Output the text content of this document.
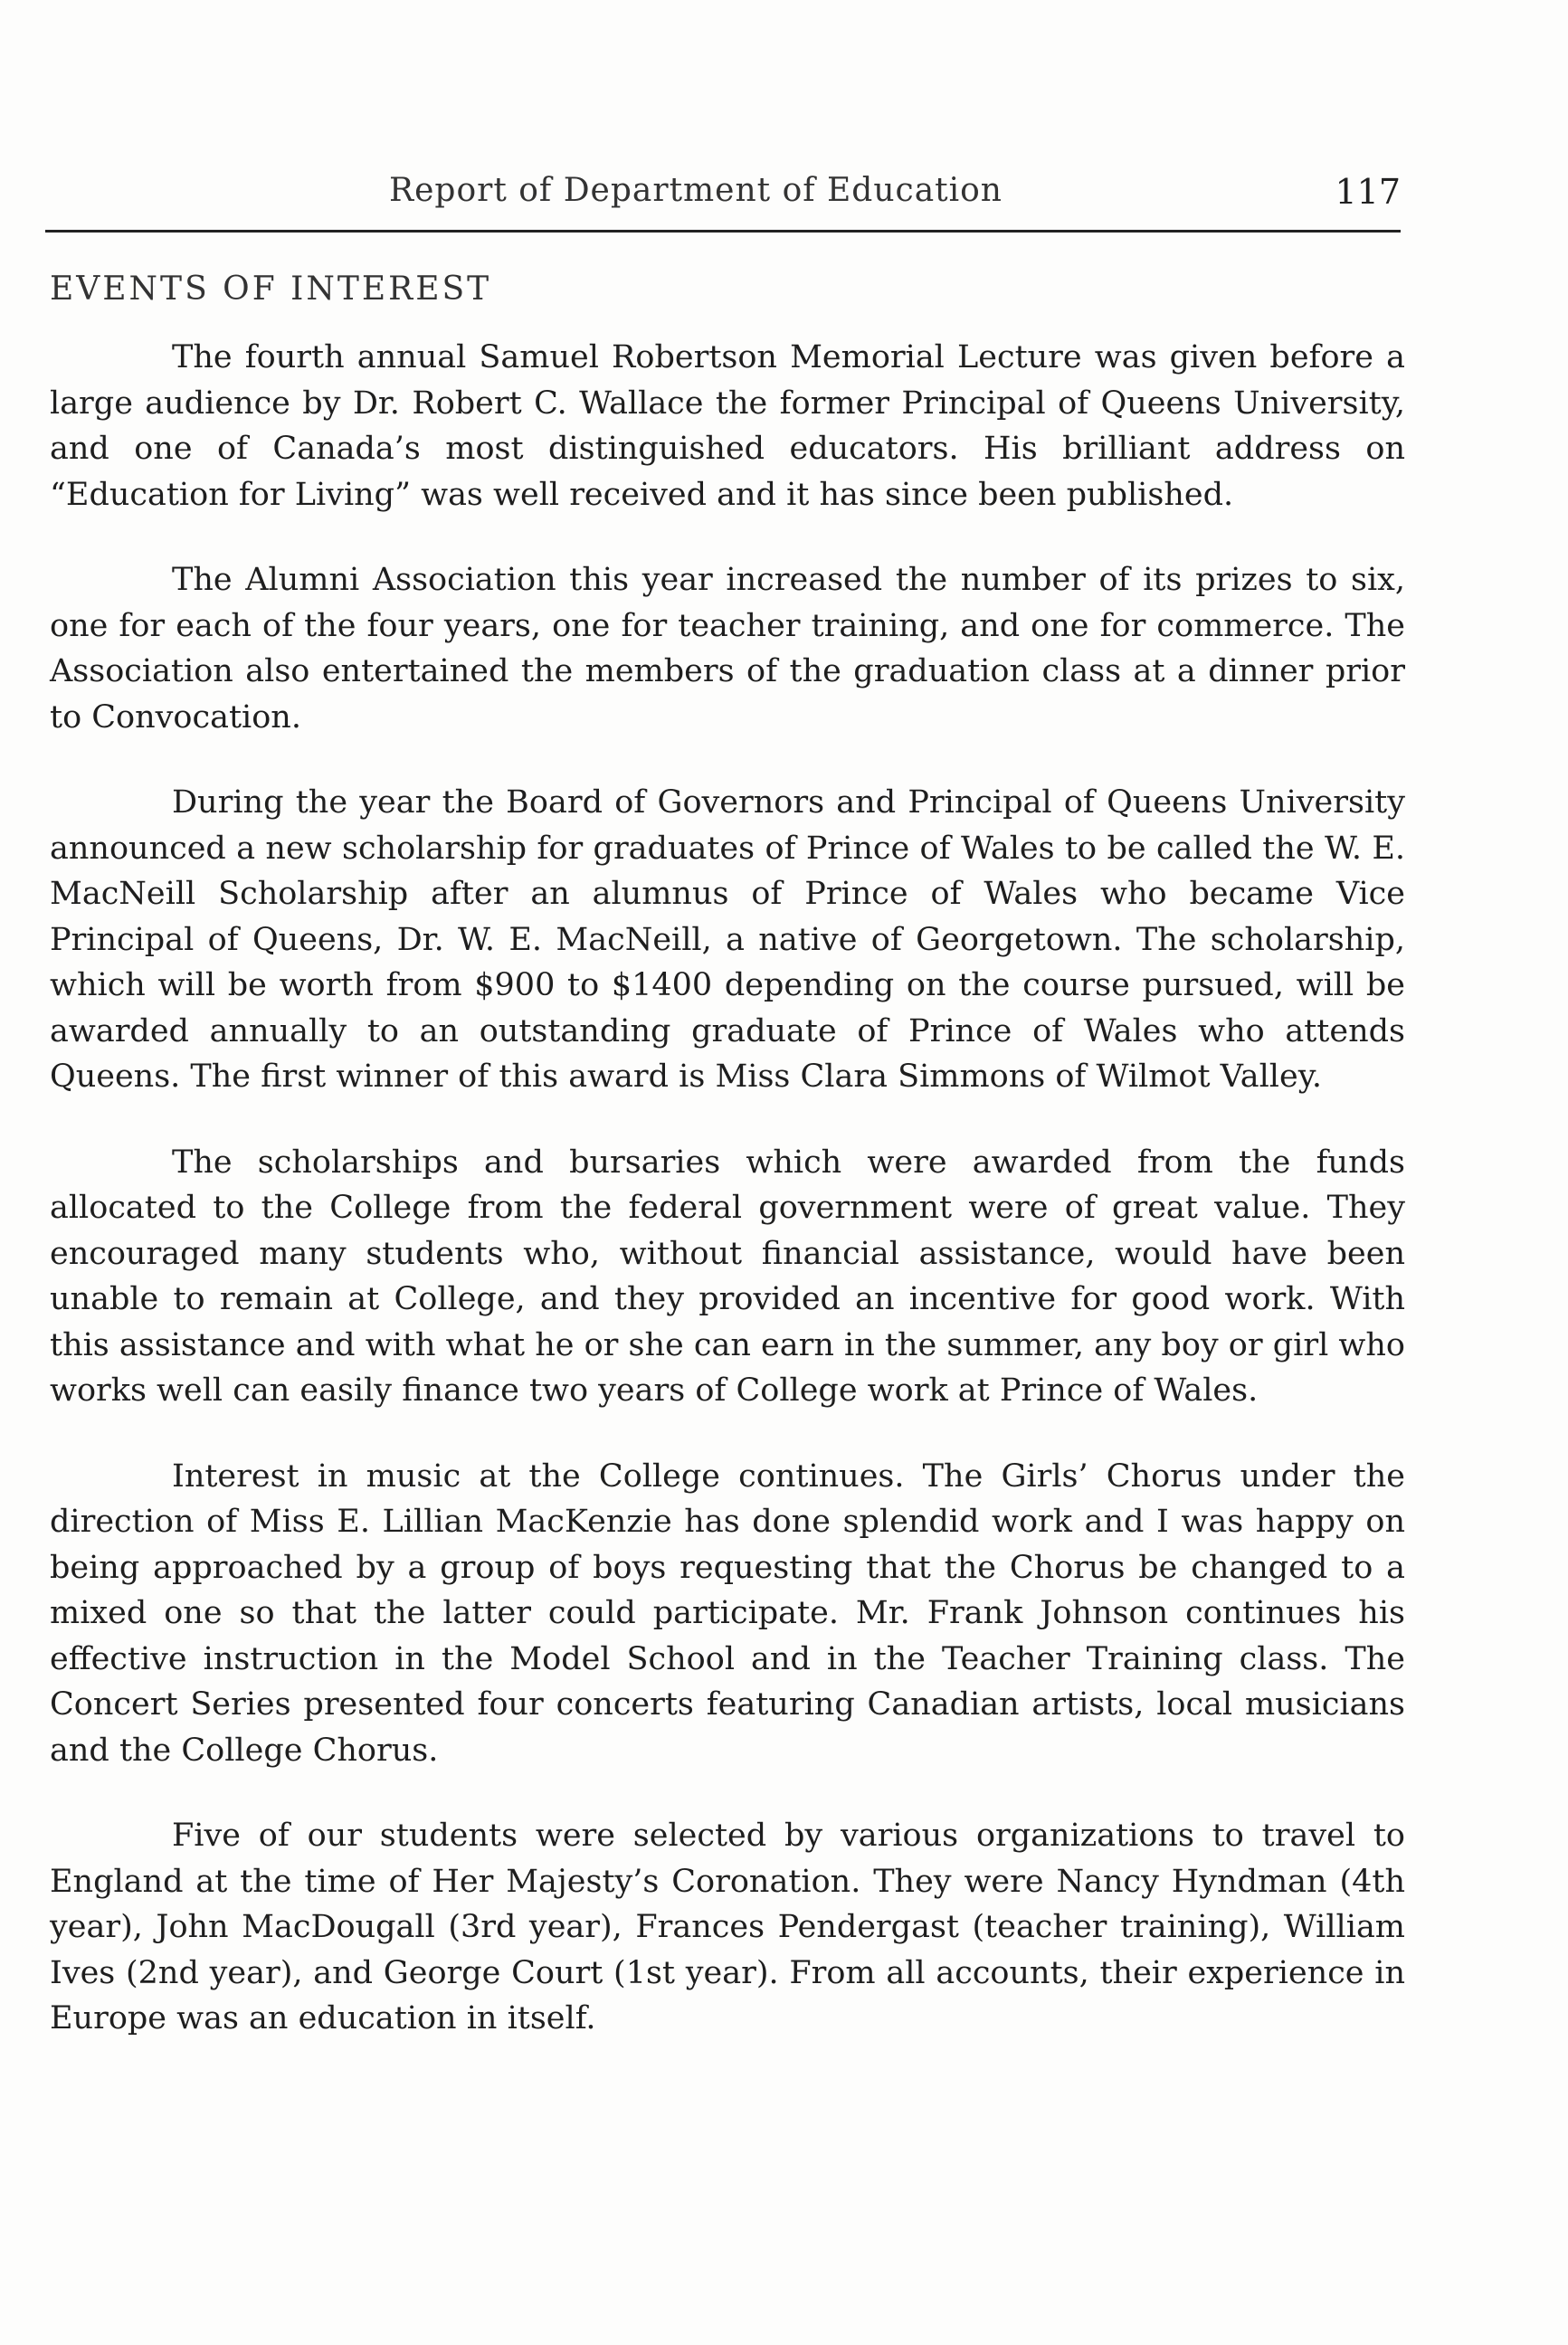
Report of Department of Education	117
EVENTS OF INTEREST

The fourth annual Samuel Robertson Memorial Lecture was given before a large audience by Dr. Robert C. Wallace the former Principal of Queens University, and one of Canada’s most distinguished educators. His brilliant address on “Education for Living” was well received and it has since been published.

The Alumni Association this year increased the number of its prizes to six, one for each of the four years, one for teacher training, and one for commerce. The Association also entertained the members of the graduation class at a dinner prior to Convocation.

During the year the Board of Governors and Principal of Queens University announced a new scholarship for graduates of Prince of Wales to be called the W. E. MacNeill Scholarship after an alumnus of Prince of Wales who became Vice Principal of Queens, Dr. W. E. MacNeill, a native of Georgetown. The scholarship, which will be worth from $900 to $1400 depending on the course pursued, will be awarded annually to an outstanding graduate of Prince of Wales who attends Queens. The first winner of this award is Miss Clara Simmons of Wilmot Valley.

The scholarships and bursaries which were awarded from the funds allocated to the College from the federal government were of great value. They encouraged many students who, without financial assistance, would have been unable to remain at College, and they provided an incentive for good work. With this assistance and with what he or she can earn in the summer, any boy or girl who works well can easily finance two years of College work at Prince of Wales.

Interest in music at the College continues. The Girls’ Chorus under the direction of Miss E. Lillian MacKenzie has done splendid work and I was happy on being approached by a group of boys requesting that the Chorus be changed to a mixed one so that the latter could participate. Mr. Frank Johnson continues his effective instruction in the Model School and in the Teacher Training class. The Concert Series presented four concerts featuring Canadian artists, local musicians and the College Chorus.

Five of our students were selected by various organizations to travel to England at the time of Her Majesty’s Coronation. They were Nancy Hyndman (4th year), John MacDougall (3rd year), Frances Pendergast (teacher training), William Ives (2nd year), and George Court (1st year). From all accounts, their experience in Europe was an education in itself.
